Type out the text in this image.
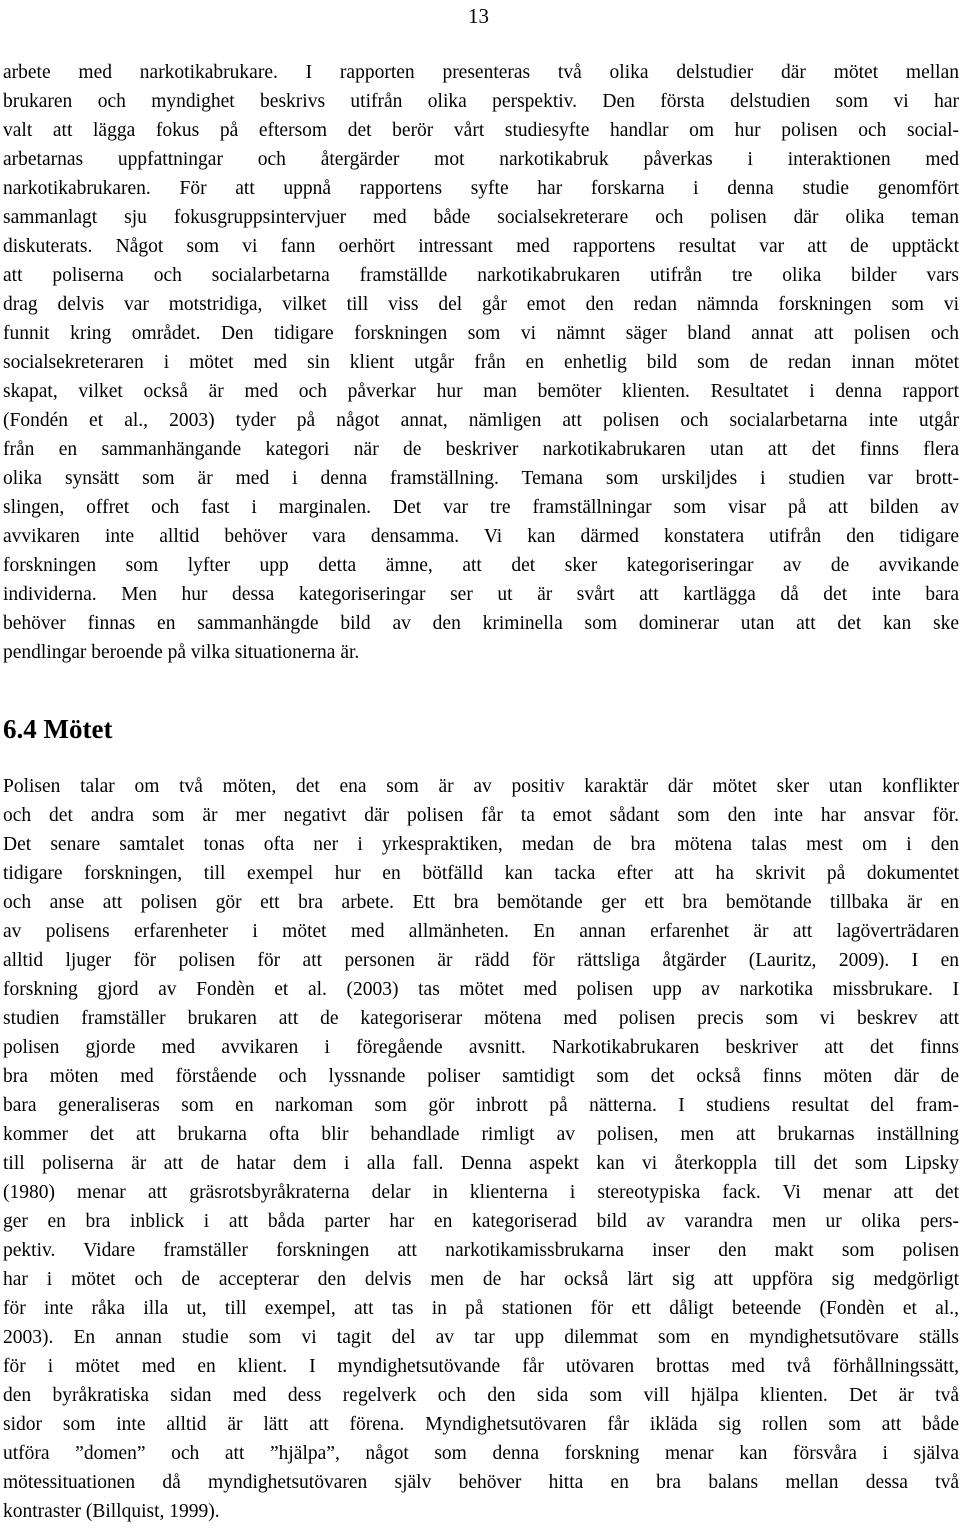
13
arbete med narkotikabrukare. I rapporten presenteras två olika delstudier där mötet mellan
brukaren och myndighet beskrivs utifrån olika perspektiv. Den första delstudien som vi har
valt att lägga fokus på eftersom det berör vårt studiesyfte handlar om hur polisen och social-
arbetarnas uppfattningar och återgärder mot narkotikabruk påverkas i interaktionen med
narkotikabrukaren. För att uppnå rapportens syfte har forskarna i denna studie genomfört
sammanlagt sju fokusgruppsintervjuer med både socialsekreterare och polisen där olika teman
diskuterats. Något som vi fann oerhört intressant med rapportens resultat var att de upptäckt
att poliserna och socialarbetarna framställde narkotikabrukaren utifrån tre olika bilder vars
drag delvis var motstridiga, vilket till viss del går emot den redan nämnda forskningen som vi
funnit kring området. Den tidigare forskningen som vi nämnt säger bland annat att polisen och
socialsekreteraren i mötet med sin klient utgår från en enhetlig bild som de redan innan mötet
skapat, vilket också är med och påverkar hur man bemöter klienten. Resultatet i denna rapport
(Fondén et al., 2003) tyder på något annat, nämligen att polisen och socialarbetarna inte utgår
från en sammanhängande kategori när de beskriver narkotikabrukaren utan att det finns flera
olika synsätt som är med i denna framställning. Temana som urskiljdes i studien var brott-
slingen, offret och fast i marginalen. Det var tre framställningar som visar på att bilden av
avvikaren inte alltid behöver vara densamma. Vi kan därmed konstatera utifrån den tidigare
forskningen som lyfter upp detta ämne, att det sker kategoriseringar av de avvikande
individerna. Men hur dessa kategoriseringar ser ut är svårt att kartlägga då det inte bara
behöver finnas en sammanhängde bild av den kriminella som dominerar utan att det kan ske
pendlingar beroende på vilka situationerna är.
6.4 Mötet
Polisen talar om två möten, det ena som är av positiv karaktär där mötet sker utan konflikter
och det andra som är mer negativt där polisen får ta emot sådant som den inte har ansvar för.
Det senare samtalet tonas ofta ner i yrkespraktiken, medan de bra mötena talas mest om i den
tidigare forskningen, till exempel hur en bötfälld kan tacka efter att ha skrivit på dokumentet
och anse att polisen gör ett bra arbete. Ett bra bemötande ger ett bra bemötande tillbaka är en
av polisens erfarenheter i mötet med allmänheten. En annan erfarenhet är att lagöverträdaren
alltid ljuger för polisen för att personen är rädd för rättsliga åtgärder (Lauritz, 2009). I en
forskning gjord av Fondèn et al. (2003) tas mötet med polisen upp av narkotika missbrukare. I
studien framställer brukaren att de kategoriserar mötena med polisen precis som vi beskrev att
polisen gjorde med avvikaren i föregående avsnitt. Narkotikabrukaren beskriver att det finns
bra möten med förstående och lyssnande poliser samtidigt som det också finns möten där de
bara generaliseras som en narkoman som gör inbrott på nätterna. I studiens resultat del fram-
kommer det att brukarna ofta blir behandlade rimligt av polisen, men att brukarnas inställning
till poliserna är att de hatar dem i alla fall. Denna aspekt kan vi återkoppla till det som Lipsky
(1980) menar att gräsrotsbyråkraterna delar in klienterna i stereotypiska fack. Vi menar att det
ger en bra inblick i att båda parter har en kategoriserad bild av varandra men ur olika pers-
pektiv. Vidare framställer forskningen att narkotikamissbrukarna inser den makt som polisen
har i mötet och de accepterar den delvis men de har också lärt sig att uppföra sig medgörligt
för inte råka illa ut, till exempel, att tas in på stationen för ett dåligt beteende (Fondèn et al.,
2003). En annan studie som vi tagit del av tar upp dilemmat som en myndighetsutövare ställs
för i mötet med en klient. I myndighetsutövande får utövaren brottas med två förhållningssätt,
den byråkratiska sidan med dess regelverk och den sida som vill hjälpa klienten. Det är två
sidor som inte alltid är lätt att förena. Myndighetsutövaren får ikläda sig rollen som att både
utföra ”domen” och att ”hjälpa”, något som denna forskning menar kan försvåra i själva
mötessituationen då myndighetsutövaren själv behöver hitta en bra balans mellan dessa två
kontraster (Billquist, 1999).
